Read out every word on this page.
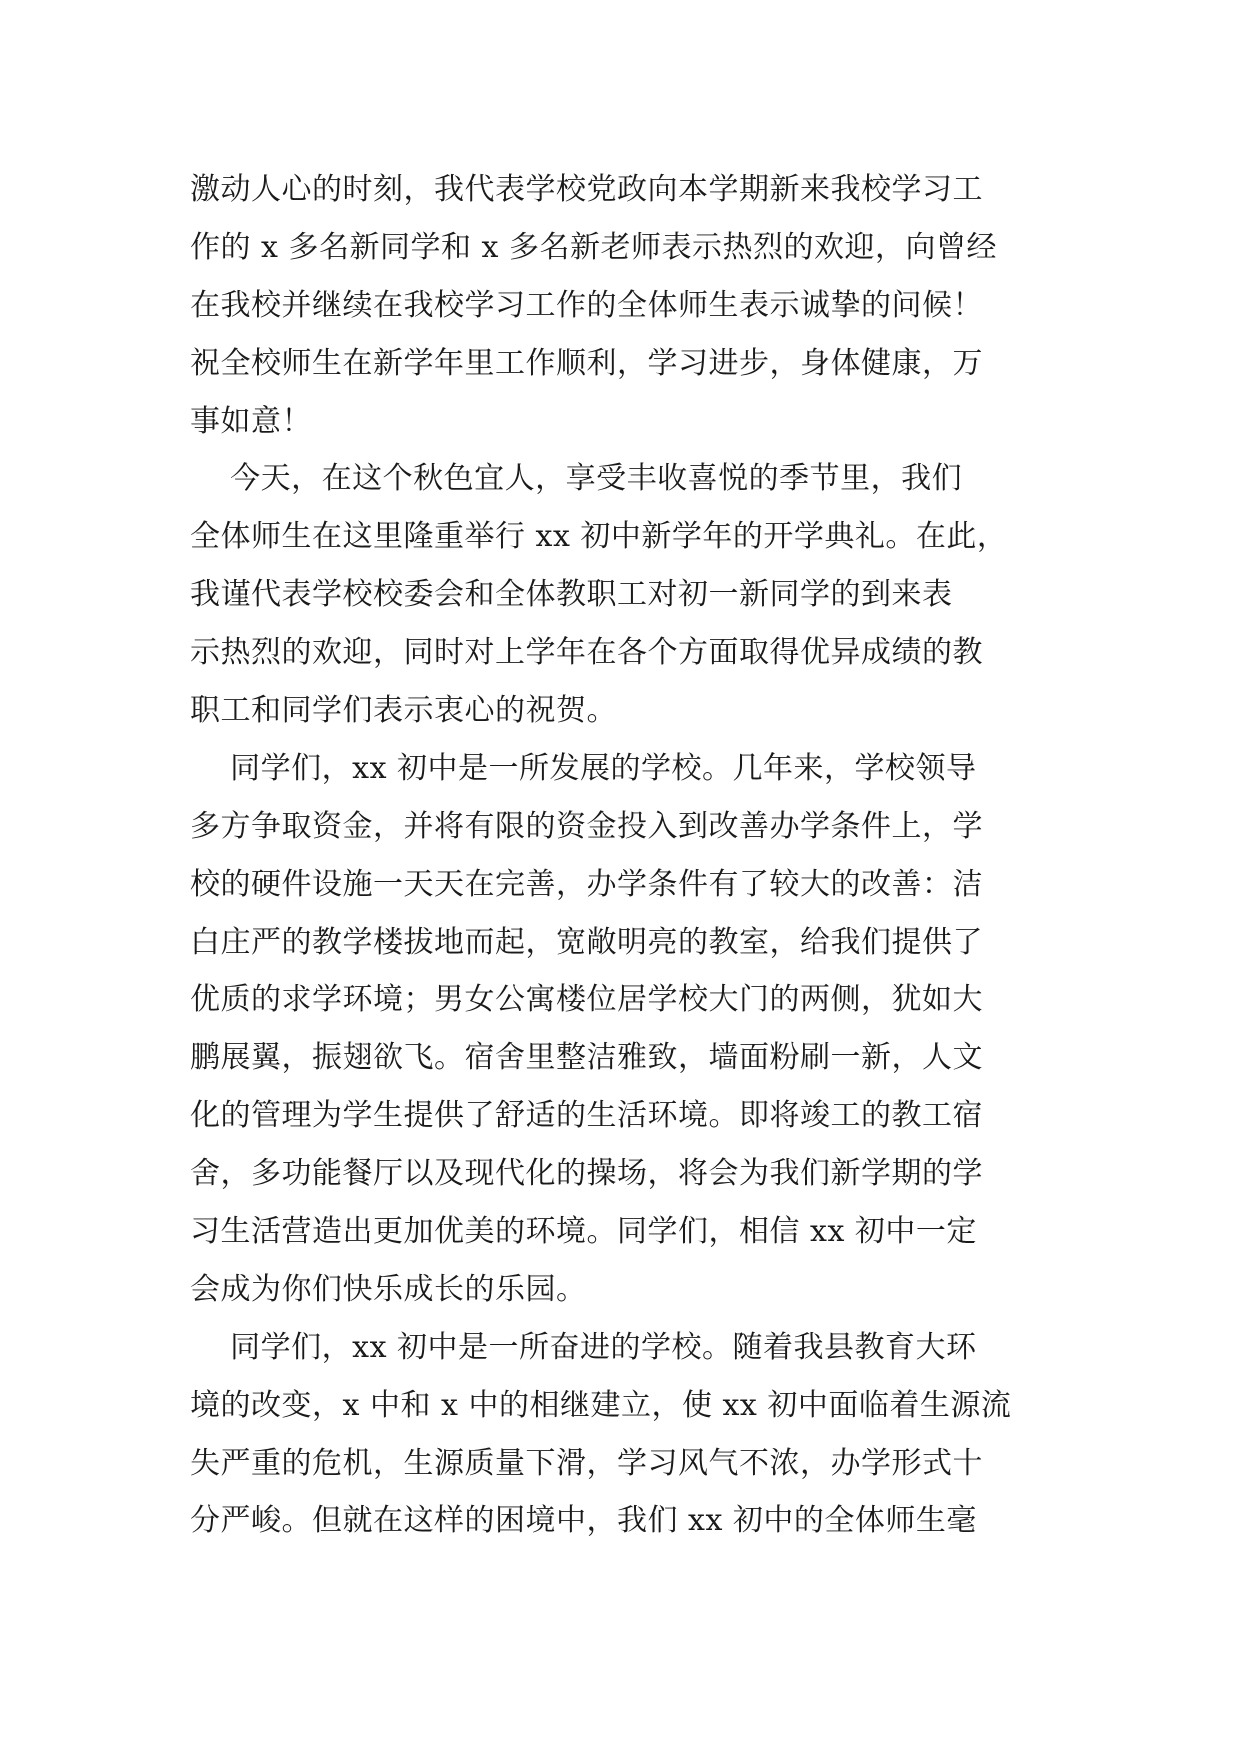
激动人心的时刻，我代表学校党政向本学期新来我校学习工
作的 x 多名新同学和 x 多名新老师表示热烈的欢迎，向曾经
在我校并继续在我校学习工作的全体师生表示诚挚的问候！
祝全校师生在新学年里工作顺利，学习进步，身体健康，万
事如意！
今天，在这个秋色宜人，享受丰收喜悦的季节里，我们
全体师生在这里隆重举行 xx 初中新学年的开学典礼。在此，
我谨代表学校校委会和全体教职工对初一新同学的到来表
示热烈的欢迎，同时对上学年在各个方面取得优异成绩的教
职工和同学们表示衷心的祝贺。
同学们，xx 初中是一所发展的学校。几年来，学校领导
多方争取资金，并将有限的资金投入到改善办学条件上，学
校的硬件设施一天天在完善，办学条件有了较大的改善：洁
白庄严的教学楼拔地而起，宽敞明亮的教室，给我们提供了
优质的求学环境；男女公寓楼位居学校大门的两侧，犹如大
鹏展翼，振翅欲飞。宿舍里整洁雅致，墙面粉刷一新，人文
化的管理为学生提供了舒适的生活环境。即将竣工的教工宿
舍，多功能餐厅以及现代化的操场，将会为我们新学期的学
习生活营造出更加优美的环境。同学们，相信 xx 初中一定
会成为你们快乐成长的乐园。
同学们，xx 初中是一所奋进的学校。随着我县教育大环
境的改变，x 中和 x 中的相继建立，使 xx 初中面临着生源流
失严重的危机，生源质量下滑，学习风气不浓，办学形式十
分严峻。但就在这样的困境中，我们 xx 初中的全体师生毫
